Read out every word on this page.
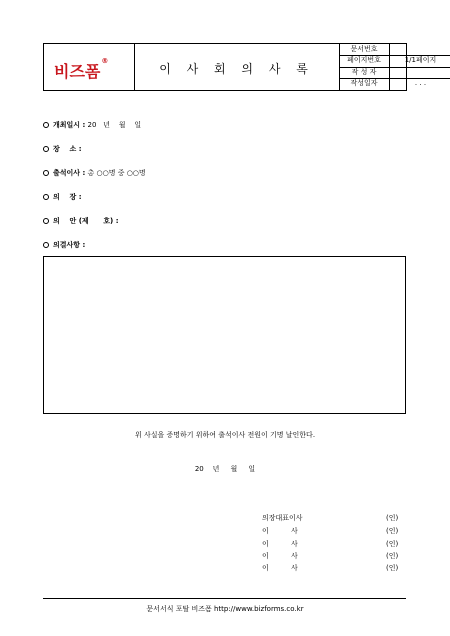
비즈폼®
이 사 회 의 사 록
문서번호
페이지번호	1/1페이지
작 성 자
작성일자	. . .
개최일시 : 20   년    월    일
장    소 :
출석이사 : 총 ○○명 중 ○○명
의    장 :
의    안 (제      호) :
의결사항 :
위 사실을 증명하기 위하여 출석이사 전원이 기명 날인한다.
20    년     월     일
의장대표이사	(인)
이          사	(인)
이          사	(인)
이          사	(인)
이          사	(인)
문서서식 포탈 비즈폼 http://www.bizforms.co.kr
